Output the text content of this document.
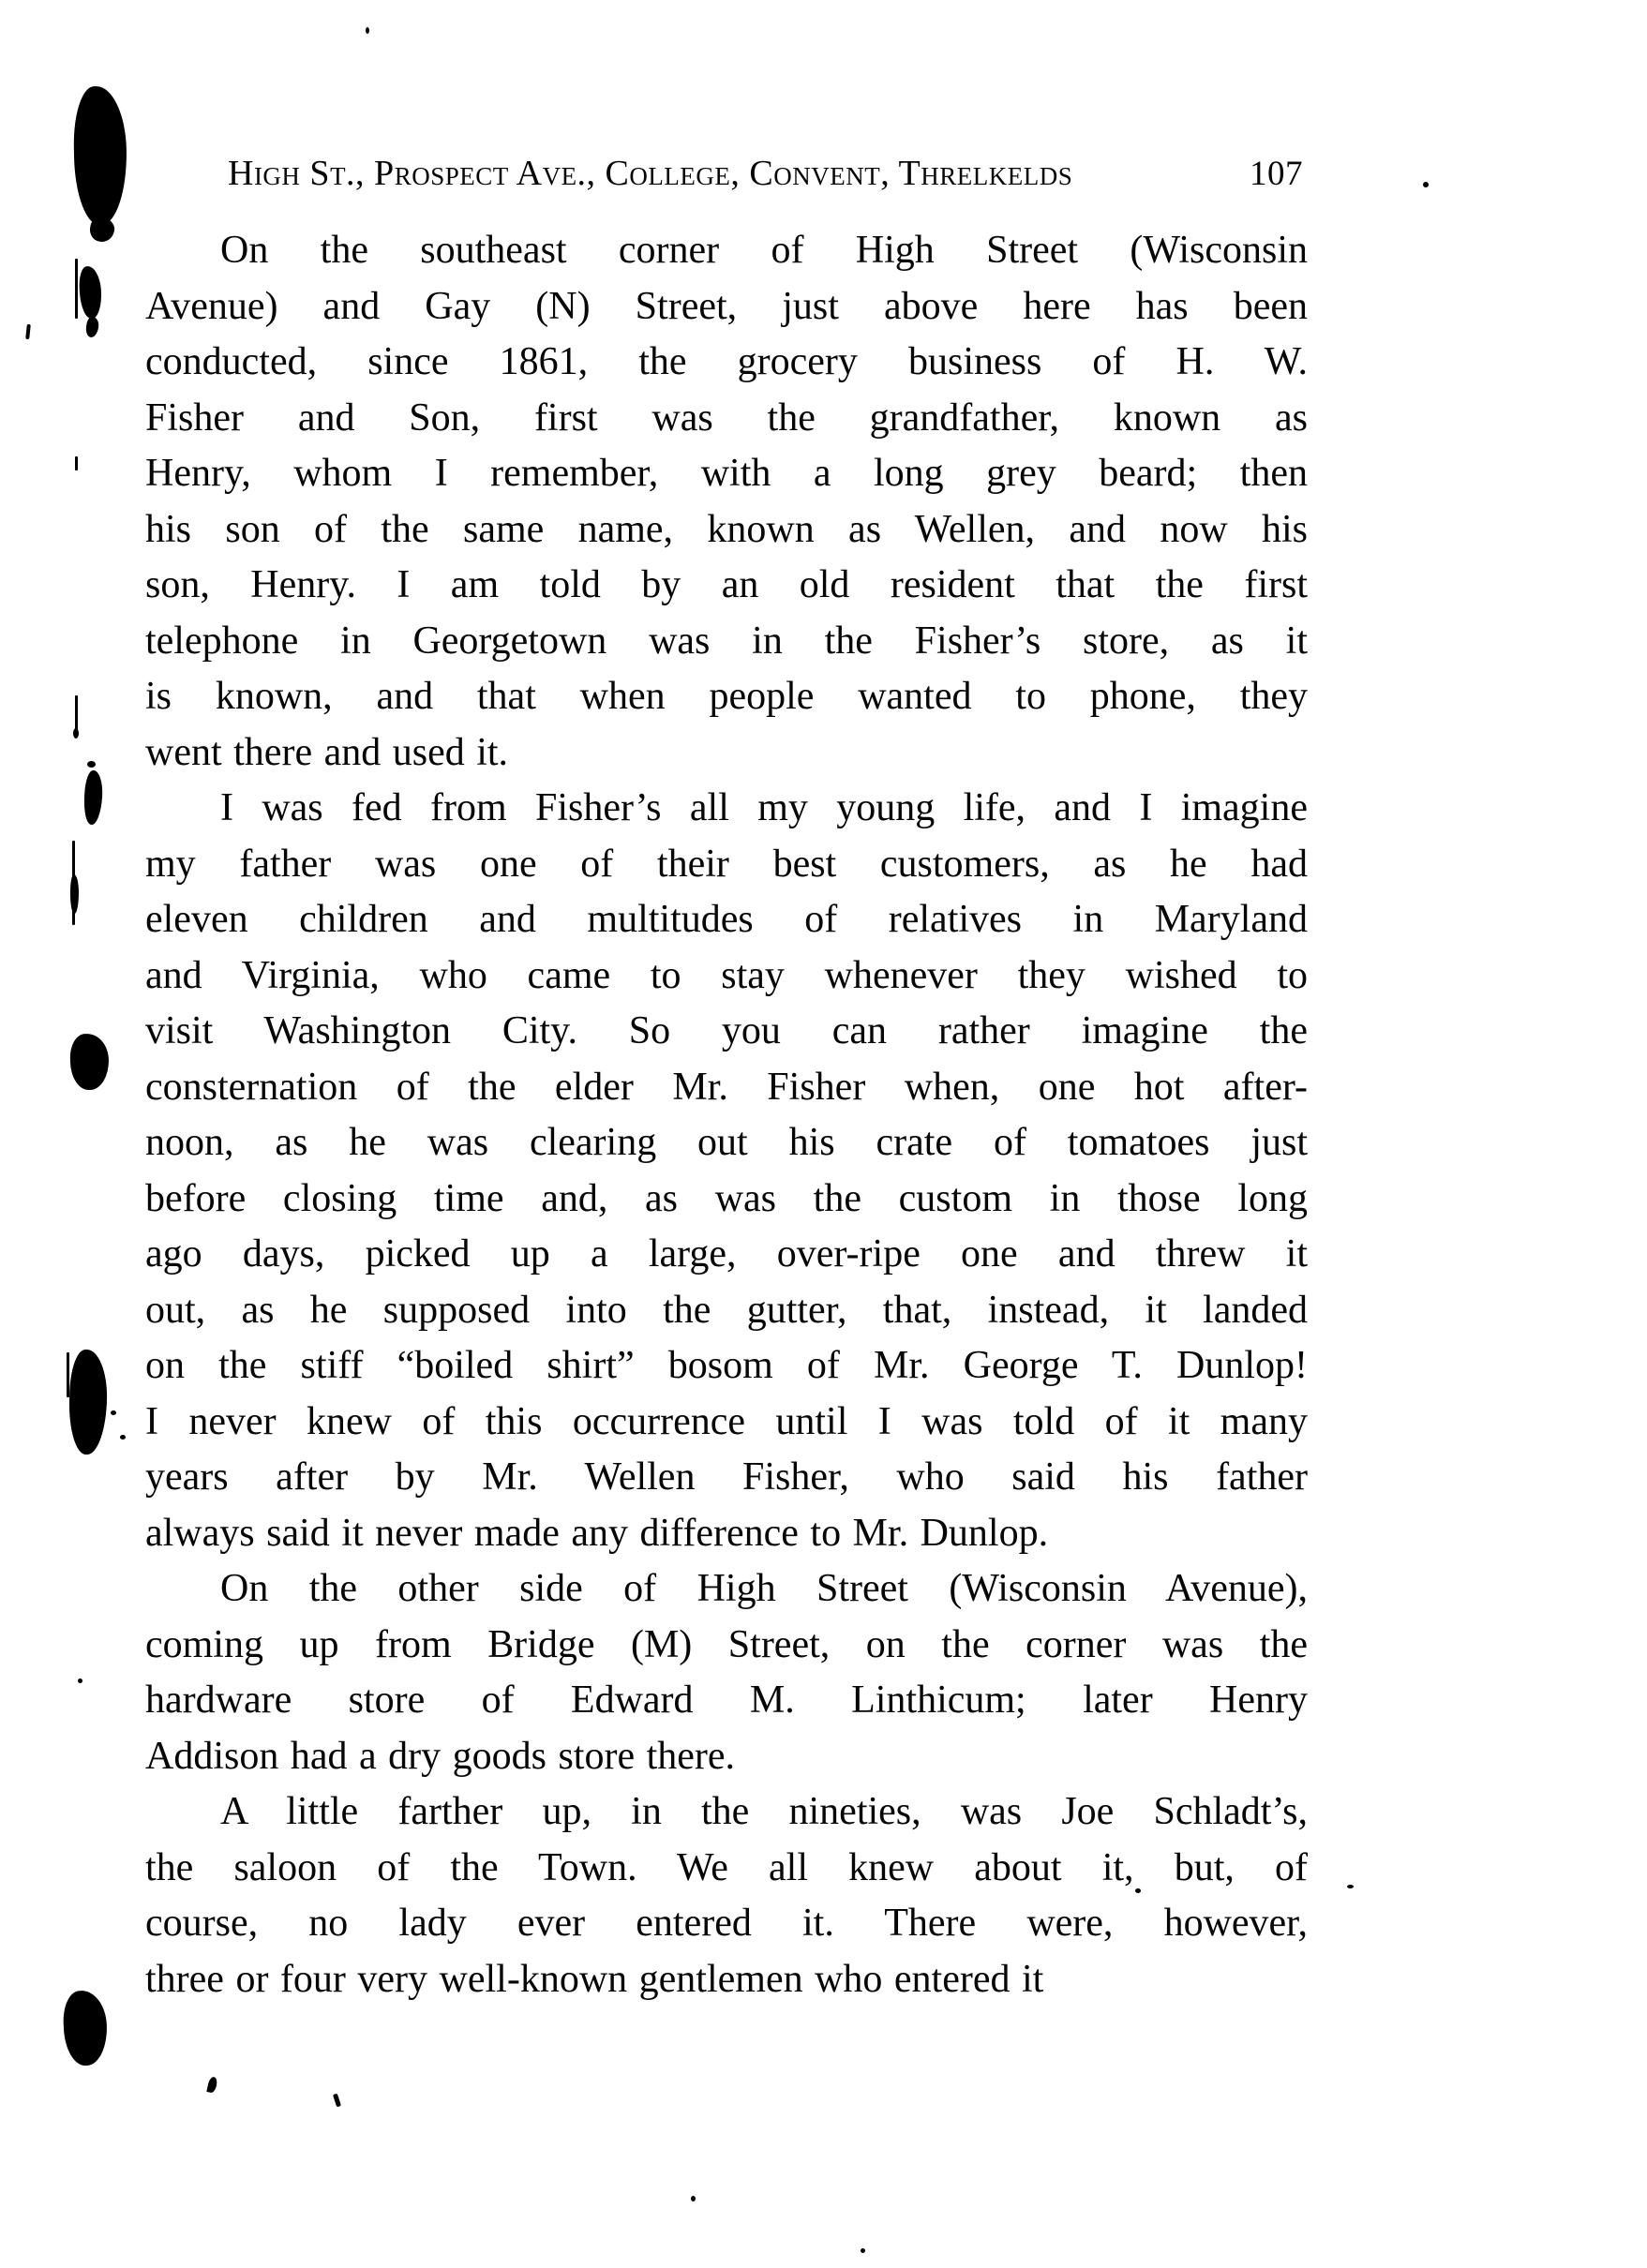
High St., Prospect Ave., College, Convent, Threlkelds	107
On the southeast corner of High Street (Wisconsin
Avenue) and Gay (N) Street, just above here has been
conducted, since 1861, the grocery business of H. W.
Fisher and Son, first was the grandfather, known as
Henry, whom I remember, with a long grey beard; then
his son of the same name, known as Wellen, and now his
son, Henry. I am told by an old resident that the first
telephone in Georgetown was in the Fisher’s store, as it
is known, and that when people wanted to phone, they
went there and used it.
I was fed from Fisher’s all my young life, and I imagine
my father was one of their best customers, as he had
eleven children and multitudes of relatives in Maryland
and Virginia, who came to stay whenever they wished to
visit Washington City. So you can rather imagine the
consternation of the elder Mr. Fisher when, one hot after-
noon, as he was clearing out his crate of tomatoes just
before closing time and, as was the custom in those long
ago days, picked up a large, over-ripe one and threw it
out, as he supposed into the gutter, that, instead, it landed
on the stiff “boiled shirt” bosom of Mr. George T. Dunlop!
I never knew of this occurrence until I was told of it many
years after by Mr. Wellen Fisher, who said his father
always said it never made any difference to Mr. Dunlop.
On the other side of High Street (Wisconsin Avenue),
coming up from Bridge (M) Street, on the corner was the
hardware store of Edward M. Linthicum; later Henry
Addison had a dry goods store there.
A little farther up, in the nineties, was Joe Schladt’s,
the saloon of the Town. We all knew about it, but, of
course, no lady ever entered it. There were, however,
three or four very well-known gentlemen who entered it
